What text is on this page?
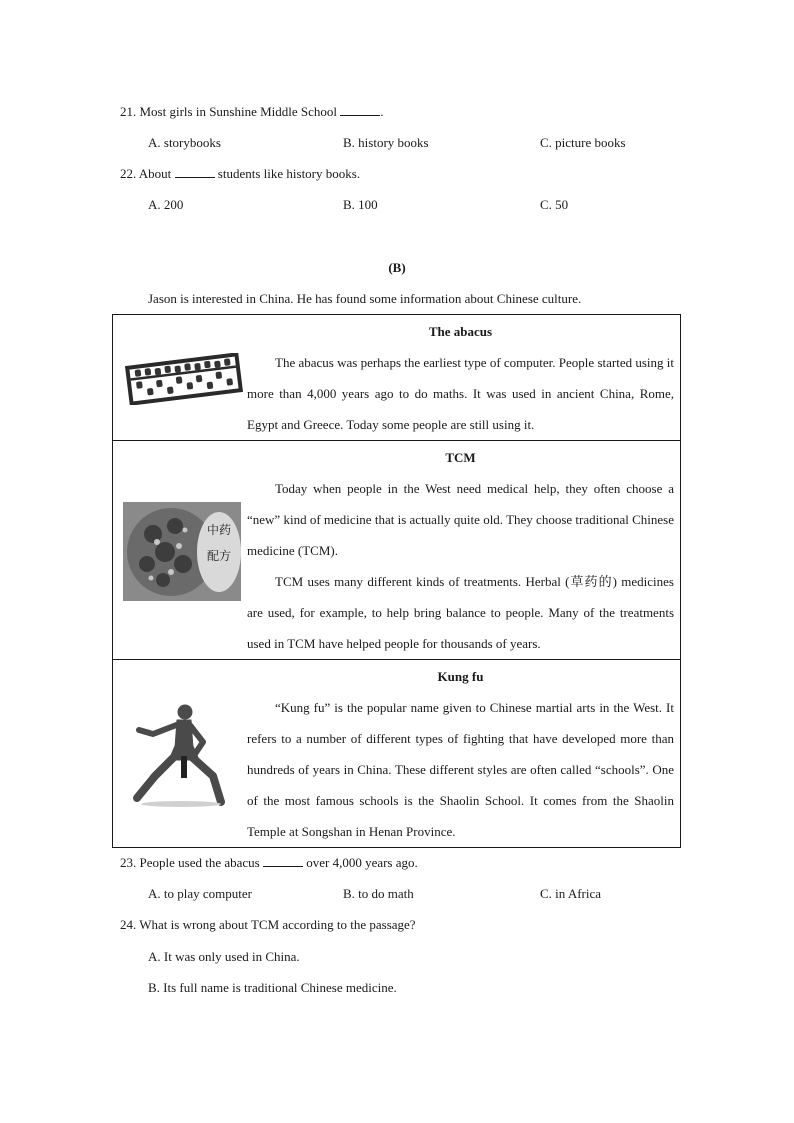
21. Most girls in Sunshine Middle School	.
A. storybooks	B. history books	C. picture books
22. About	students like history books.
A. 200	B. 100	C. 50
(B)
Jason is interested in China. He has found some information about Chinese culture.
The abacus
The abacus was perhaps the earliest type of computer. People started using it more than 4,000 years ago to do maths. It was used in ancient China, Rome, Egypt and Greece. Today some people are still using it.

中药
配方
TCM
Today when people in the West need medical help, they often choose a “new” kind of medicine that is actually quite old. They choose traditional Chinese medicine (TCM).
TCM uses many different kinds of treatments. Herbal (草药的) medicines are used, for example, to help bring balance to people. Many of the treatments used in TCM have helped people for thousands of years.

Kung fu
“Kung fu” is the popular name given to Chinese martial arts in the West. It refers to a number of different types of fighting that have developed more than hundreds of years in China. These different styles are often called “schools”. One of the most famous schools is the Shaolin School. It comes from the Shaolin Temple at Songshan in Henan Province.
23. People used the abacus	over 4,000 years ago.
A. to play computer	B. to do math	C. in Africa
24. What is wrong about TCM according to the passage?
A. It was only used in China.
B. Its full name is traditional Chinese medicine.
